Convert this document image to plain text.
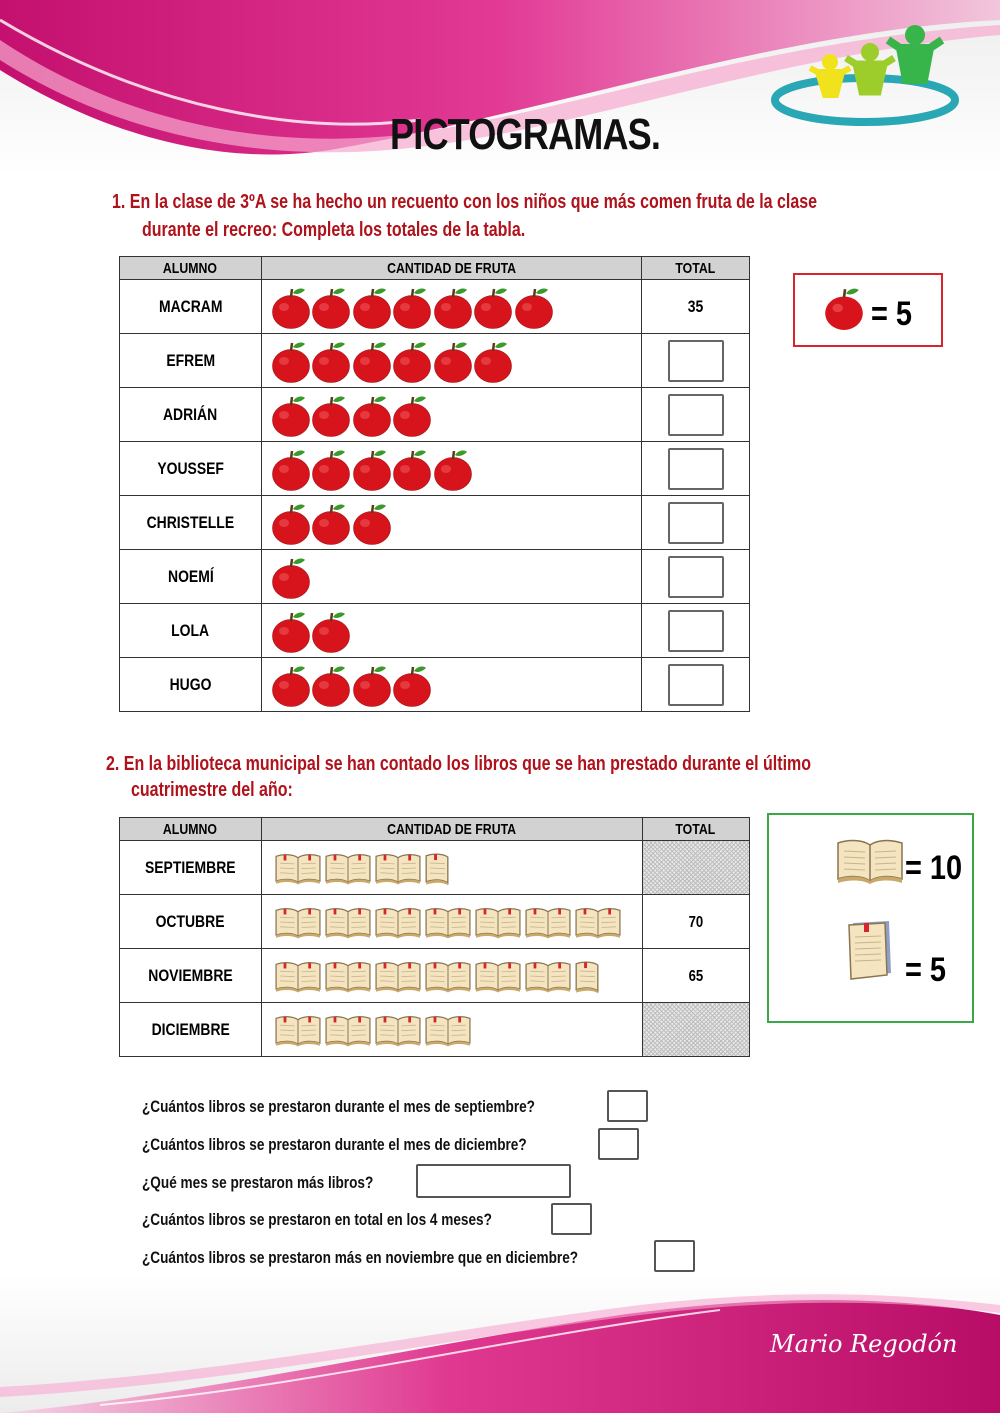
PICTOGRAMAS.
1. En la clase de 3ºA se ha hecho un recuento con los niños que más comen fruta de la clase
durante el recreo: Completa los totales de la tabla.
ALUMNO	CANTIDAD DE FRUTA	TOTAL
MACRAM		35
EFREM	

ADRIÁN	

YOUSSEF	

CHRISTELLE	

NOEMÍ	

LOLA	

HUGO	

= 5
2. En la biblioteca municipal se han contado los libros que se han prestado durante el último
cuatrimestre del año:
ALUMNO	CANTIDAD DE FRUTA	TOTAL
SEPTIEMBRE	

OCTUBRE		70
NOVIEMBRE		65
DICIEMBRE	

= 10
= 5
¿Cuántos libros se prestaron durante el mes de septiembre?
¿Cuántos libros se prestaron durante el mes de diciembre?
¿Qué mes se prestaron más libros?
¿Cuántos libros se prestaron en total en los 4 meses?
¿Cuántos libros se prestaron más en noviembre que en diciembre?
Mario Regodón
